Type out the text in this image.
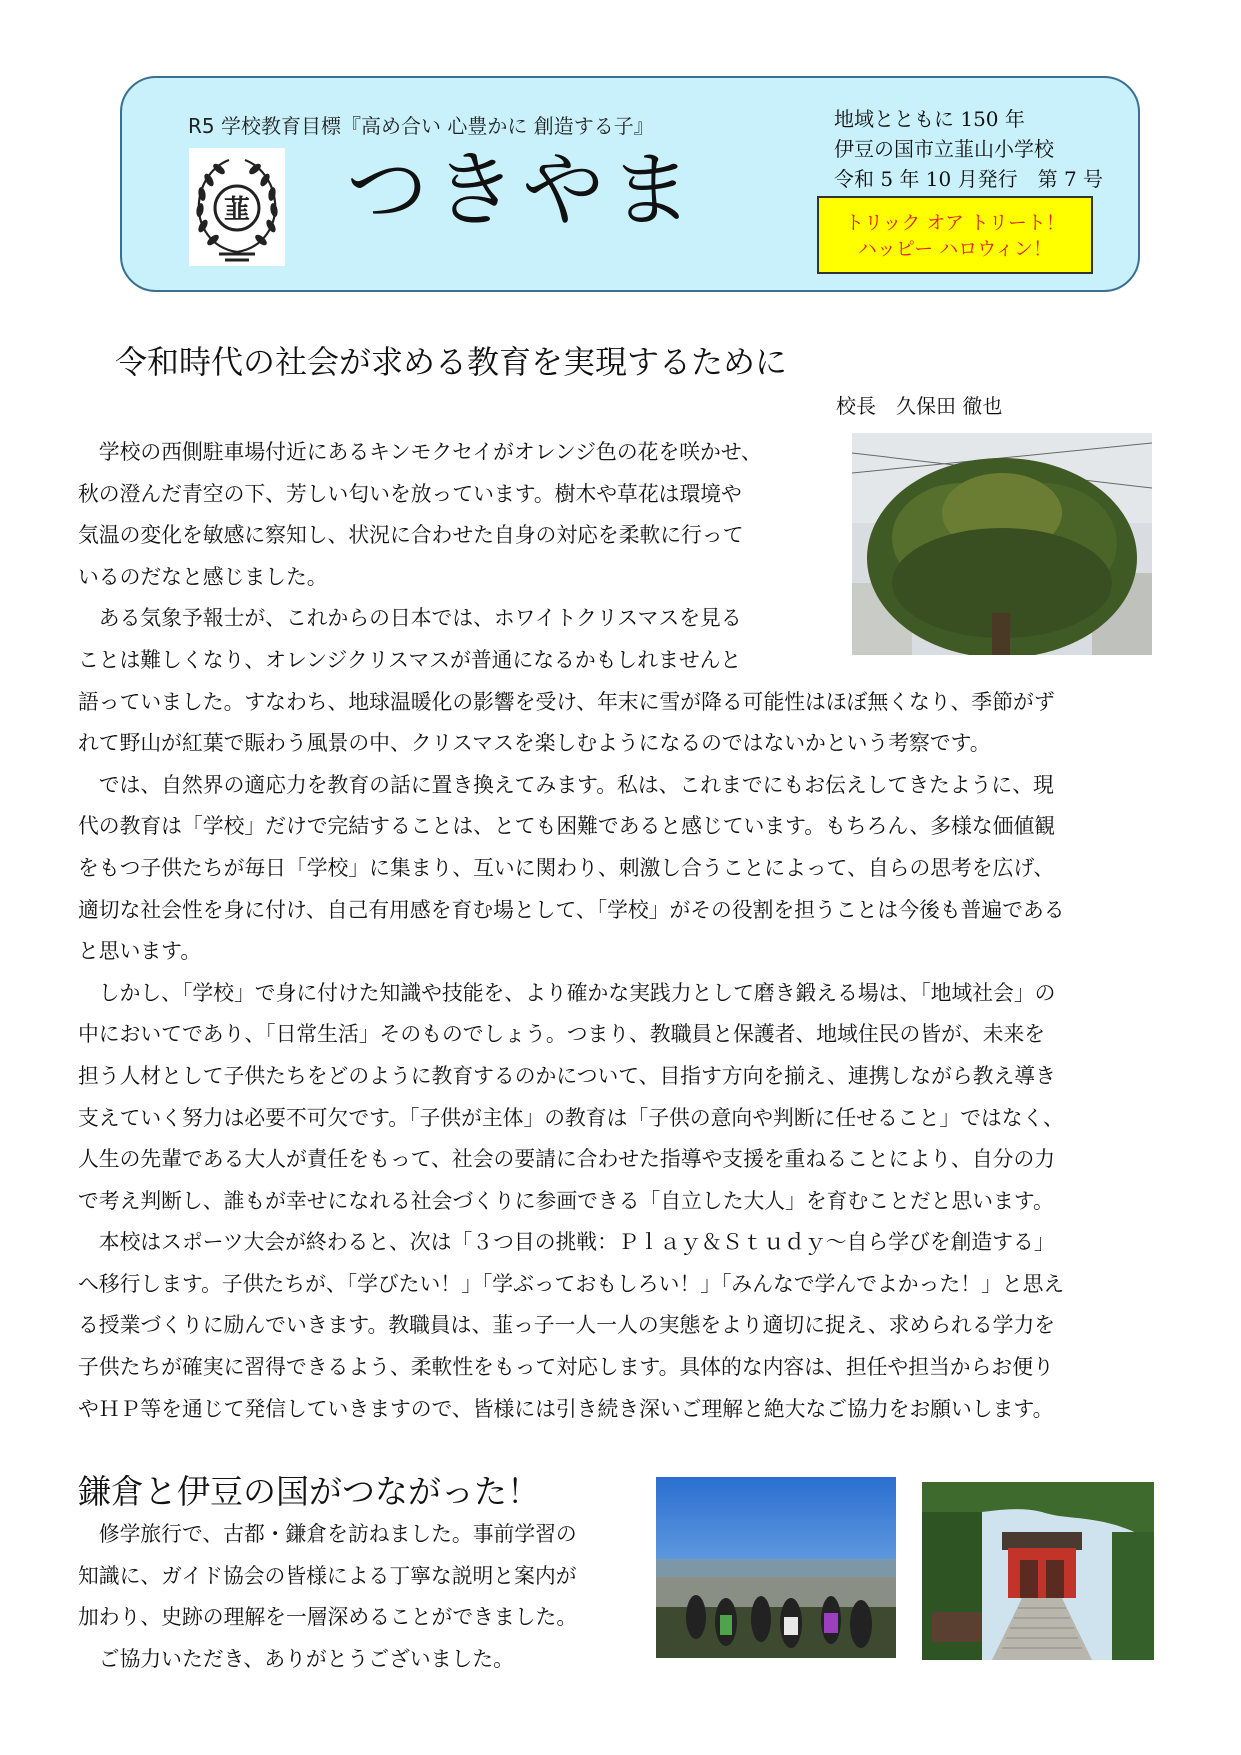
R5 学校教育目標『高め合い 心豊かに 創造する子』
韮 つきやま
地域とともに 150 年
伊豆の国市立韮山小学校
令和 5 年 10 月発行　第 7 号
トリック オア トリート！
ハッピー ハロウィン！
令和時代の社会が求める教育を実現するために
校長　久保田 徹也
　学校の西側駐車場付近にあるキンモクセイがオレンジ色の花を咲かせ、
秋の澄んだ青空の下、芳しい匂いを放っています。樹木や草花は環境や
気温の変化を敏感に察知し、状況に合わせた自身の対応を柔軟に行って
いるのだなと感じました。
　ある気象予報士が、これからの日本では、ホワイトクリスマスを見る
ことは難しくなり、オレンジクリスマスが普通になるかもしれませんと
語っていました。すなわち、地球温暖化の影響を受け、年末に雪が降る可能性はほぼ無くなり、季節がず
れて野山が紅葉で賑わう風景の中、クリスマスを楽しむようになるのではないかという考察です。
　では、自然界の適応力を教育の話に置き換えてみます。私は、これまでにもお伝えしてきたように、現
代の教育は「学校」だけで完結することは、とても困難であると感じています。もちろん、多様な価値観
をもつ子供たちが毎日「学校」に集まり、互いに関わり、刺激し合うことによって、自らの思考を広げ、
適切な社会性を身に付け、自己有用感を育む場として、「学校」がその役割を担うことは今後も普遍である
と思います。
　しかし、「学校」で身に付けた知識や技能を、より確かな実践力として磨き鍛える場は、「地域社会」の
中においてであり、「日常生活」そのものでしょう。つまり、教職員と保護者、地域住民の皆が、未来を
担う人材として子供たちをどのように教育するのかについて、目指す方向を揃え、連携しながら教え導き
支えていく努力は必要不可欠です。「子供が主体」の教育は「子供の意向や判断に任せること」ではなく、
人生の先輩である大人が責任をもって、社会の要請に合わせた指導や支援を重ねることにより、自分の力
で考え判断し、誰もが幸せになれる社会づくりに参画できる「自立した大人」を育むことだと思います。
　本校はスポーツ大会が終わると、次は「３つ目の挑戦：Ｐｌａｙ＆Ｓｔｕｄｙ〜自ら学びを創造する」
へ移行します。子供たちが、「学びたい！」「学ぶっておもしろい！」「みんなで学んでよかった！」と思え
る授業づくりに励んでいきます。教職員は、韮っ子一人一人の実態をより適切に捉え、求められる学力を
子供たちが確実に習得できるよう、柔軟性をもって対応します。具体的な内容は、担任や担当からお便り
やＨＰ等を通じて発信していきますので、皆様には引き続き深いご理解と絶大なご協力をお願いします。
鎌倉と伊豆の国がつながった！
　修学旅行で、古都・鎌倉を訪ねました。事前学習の
知識に、ガイド協会の皆様による丁寧な説明と案内が
加わり、史跡の理解を一層深めることができました。
　ご協力いただき、ありがとうございました。
